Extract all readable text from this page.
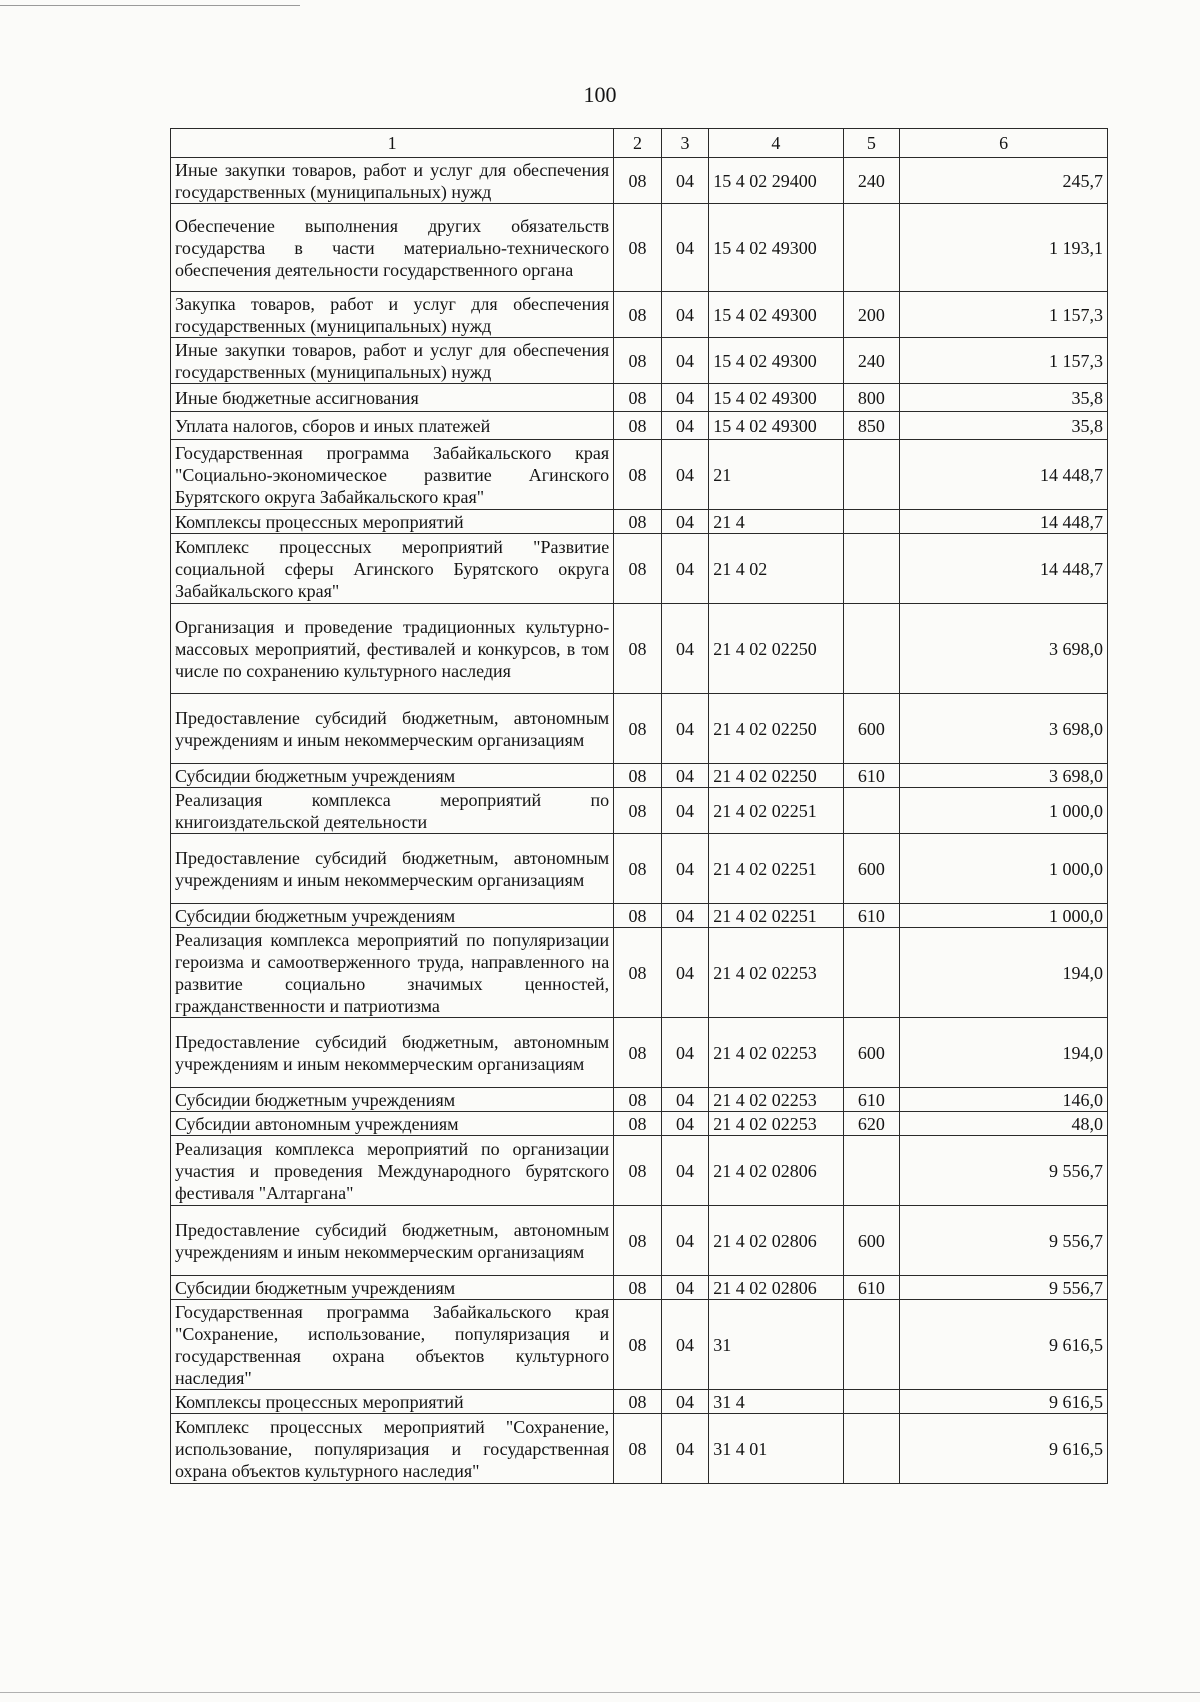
100
1	2	3	4	5	6
Иные закупки товаров, работ и услуг для обеспечения государственных (муниципальных) нужд	08	04	15 4 02 29400	240	245,7
Обеспечение выполнения других обязательств государства в части материально-технического обеспечения деятельности государственного органа	08	04	15 4 02 49300		1 193,1
Закупка товаров, работ и услуг для обеспечения государственных (муниципальных) нужд	08	04	15 4 02 49300	200	1 157,3
Иные закупки товаров, работ и услуг для обеспечения государственных (муниципальных) нужд	08	04	15 4 02 49300	240	1 157,3
Иные бюджетные ассигнования	08	04	15 4 02 49300	800	35,8
Уплата налогов, сборов и иных платежей	08	04	15 4 02 49300	850	35,8
Государственная программа Забайкальского края "Социально-экономическое развитие Агинского Бурятского округа Забайкальского края"	08	04	21		14 448,7
Комплексы процессных мероприятий	08	04	21 4		14 448,7
Комплекс процессных мероприятий "Развитие социальной сферы Агинского Бурятского округа Забайкальского края"	08	04	21 4 02		14 448,7
Организация и проведение традиционных культурно-массовых мероприятий, фестивалей и конкурсов, в том числе по сохранению культурного наследия	08	04	21 4 02 02250		3 698,0
Предоставление субсидий бюджетным, автономным учреждениям и иным некоммерческим организациям	08	04	21 4 02 02250	600	3 698,0
Субсидии бюджетным учреждениям	08	04	21 4 02 02250	610	3 698,0
Реализация комплекса мероприятий по книгоиздательской деятельности	08	04	21 4 02 02251		1 000,0
Предоставление субсидий бюджетным, автономным учреждениям и иным некоммерческим организациям	08	04	21 4 02 02251	600	1 000,0
Субсидии бюджетным учреждениям	08	04	21 4 02 02251	610	1 000,0
Реализация комплекса мероприятий по популяризации героизма и самоотверженного труда, направленного на развитие социально значимых ценностей, гражданственности и патриотизма	08	04	21 4 02 02253		194,0
Предоставление субсидий бюджетным, автономным учреждениям и иным некоммерческим организациям	08	04	21 4 02 02253	600	194,0
Субсидии бюджетным учреждениям	08	04	21 4 02 02253	610	146,0
Субсидии автономным учреждениям	08	04	21 4 02 02253	620	48,0
Реализация комплекса мероприятий по организации участия и проведения Международного бурятского фестиваля "Алтаргана"	08	04	21 4 02 02806		9 556,7
Предоставление субсидий бюджетным, автономным учреждениям и иным некоммерческим организациям	08	04	21 4 02 02806	600	9 556,7
Субсидии бюджетным учреждениям	08	04	21 4 02 02806	610	9 556,7
Государственная программа Забайкальского края "Сохранение, использование, популяризация и государственная охрана объектов культурного наследия"	08	04	31		9 616,5
Комплексы процессных мероприятий	08	04	31 4		9 616,5
Комплекс процессных мероприятий "Сохранение, использование, популяризация и государственная охрана объектов культурного наследия"	08	04	31 4 01		9 616,5
